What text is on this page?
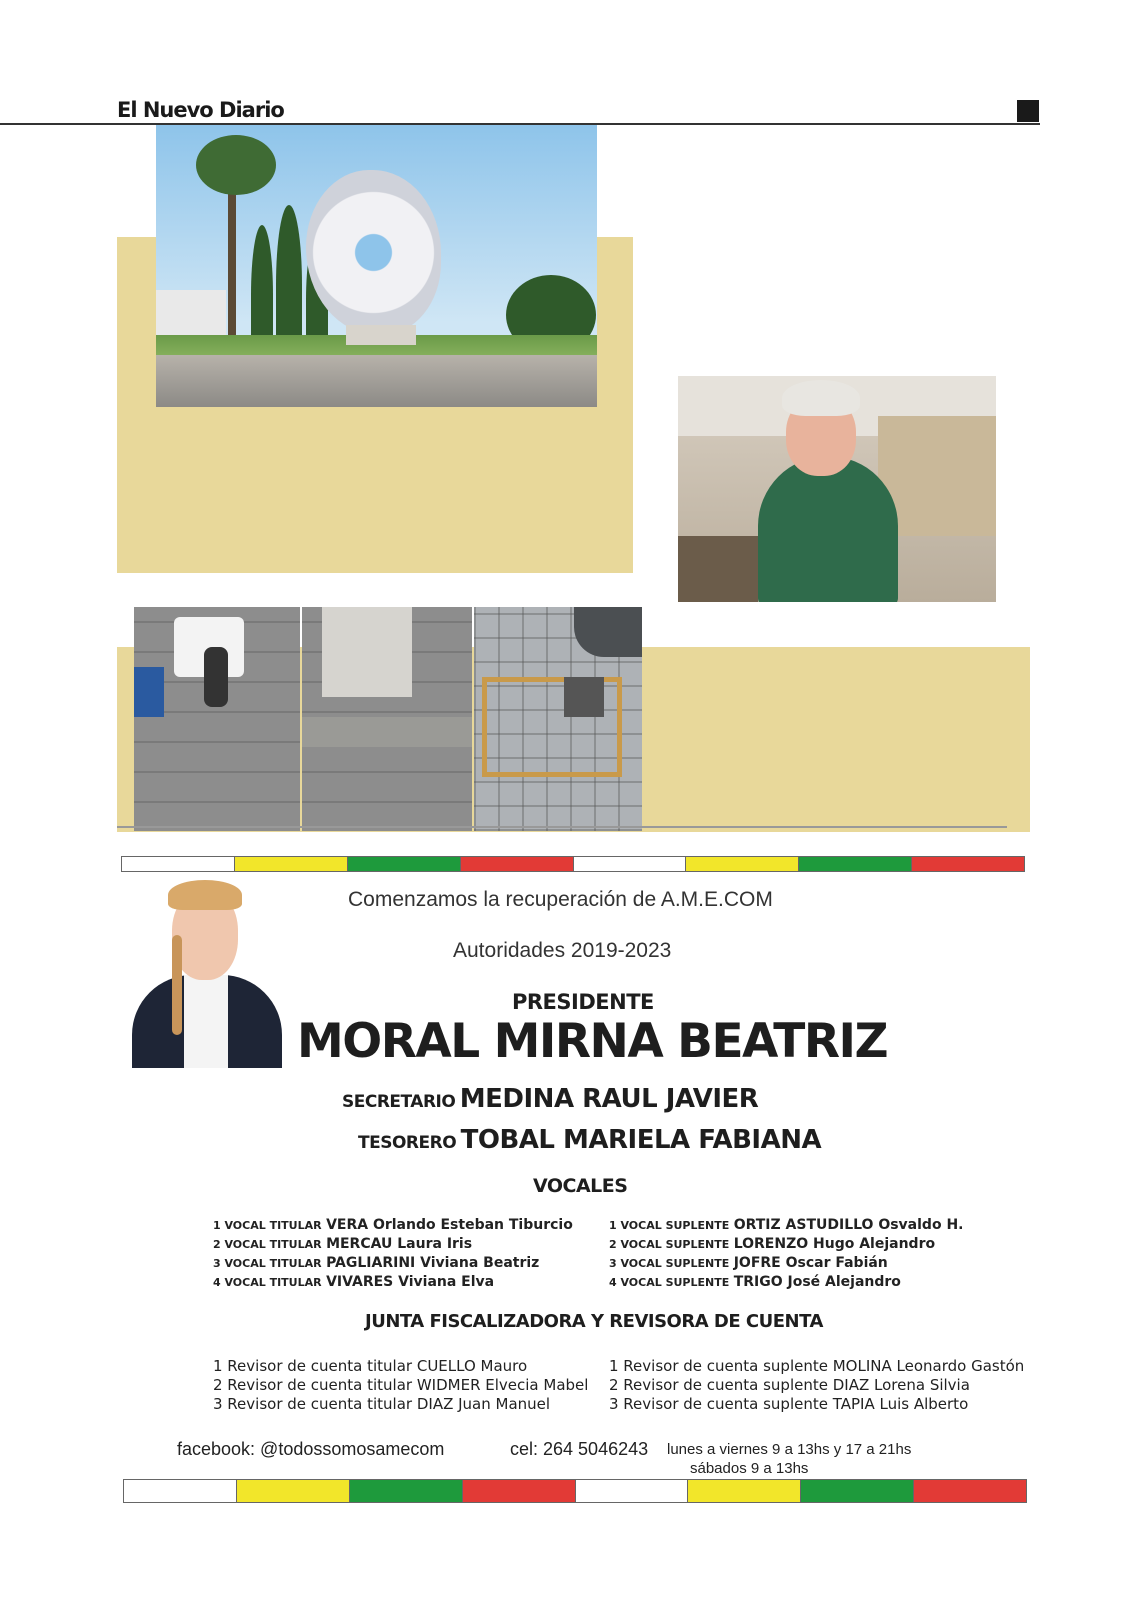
El Nuevo Diario
Comenzamos la recuperación de A.M.E.COM
Autoridades 2019-2023
PRESIDENTE
MORAL MIRNA BEATRIZ
SECRETARIO MEDINA RAUL JAVIER
TESORERO TOBAL MARIELA FABIANA
VOCALES
1 VOCAL TITULAR VERA Orlando Esteban Tiburcio
2 VOCAL TITULAR MERCAU Laura Iris
3 VOCAL TITULAR PAGLIARINI Viviana Beatriz
4 VOCAL TITULAR VIVARES Viviana Elva
1 VOCAL SUPLENTE ORTIZ ASTUDILLO Osvaldo H.
2 VOCAL SUPLENTE LORENZO Hugo Alejandro
3 VOCAL SUPLENTE JOFRE Oscar Fabián
4 VOCAL SUPLENTE TRIGO José Alejandro
JUNTA FISCALIZADORA Y REVISORA DE CUENTA
1 Revisor de cuenta titular CUELLO Mauro
2 Revisor de cuenta titular WIDMER Elvecia Mabel
3 Revisor de cuenta titular DIAZ Juan Manuel
1 Revisor de cuenta suplente MOLINA Leonardo Gastón
2 Revisor de cuenta suplente DIAZ Lorena Silvia
3 Revisor de cuenta suplente TAPIA Luis Alberto
facebook: @todossomosamecom	cel: 264 5046243 lunes a viernes 9 a 13hs y 17 a 21hs
sábados 9 a 13hs
